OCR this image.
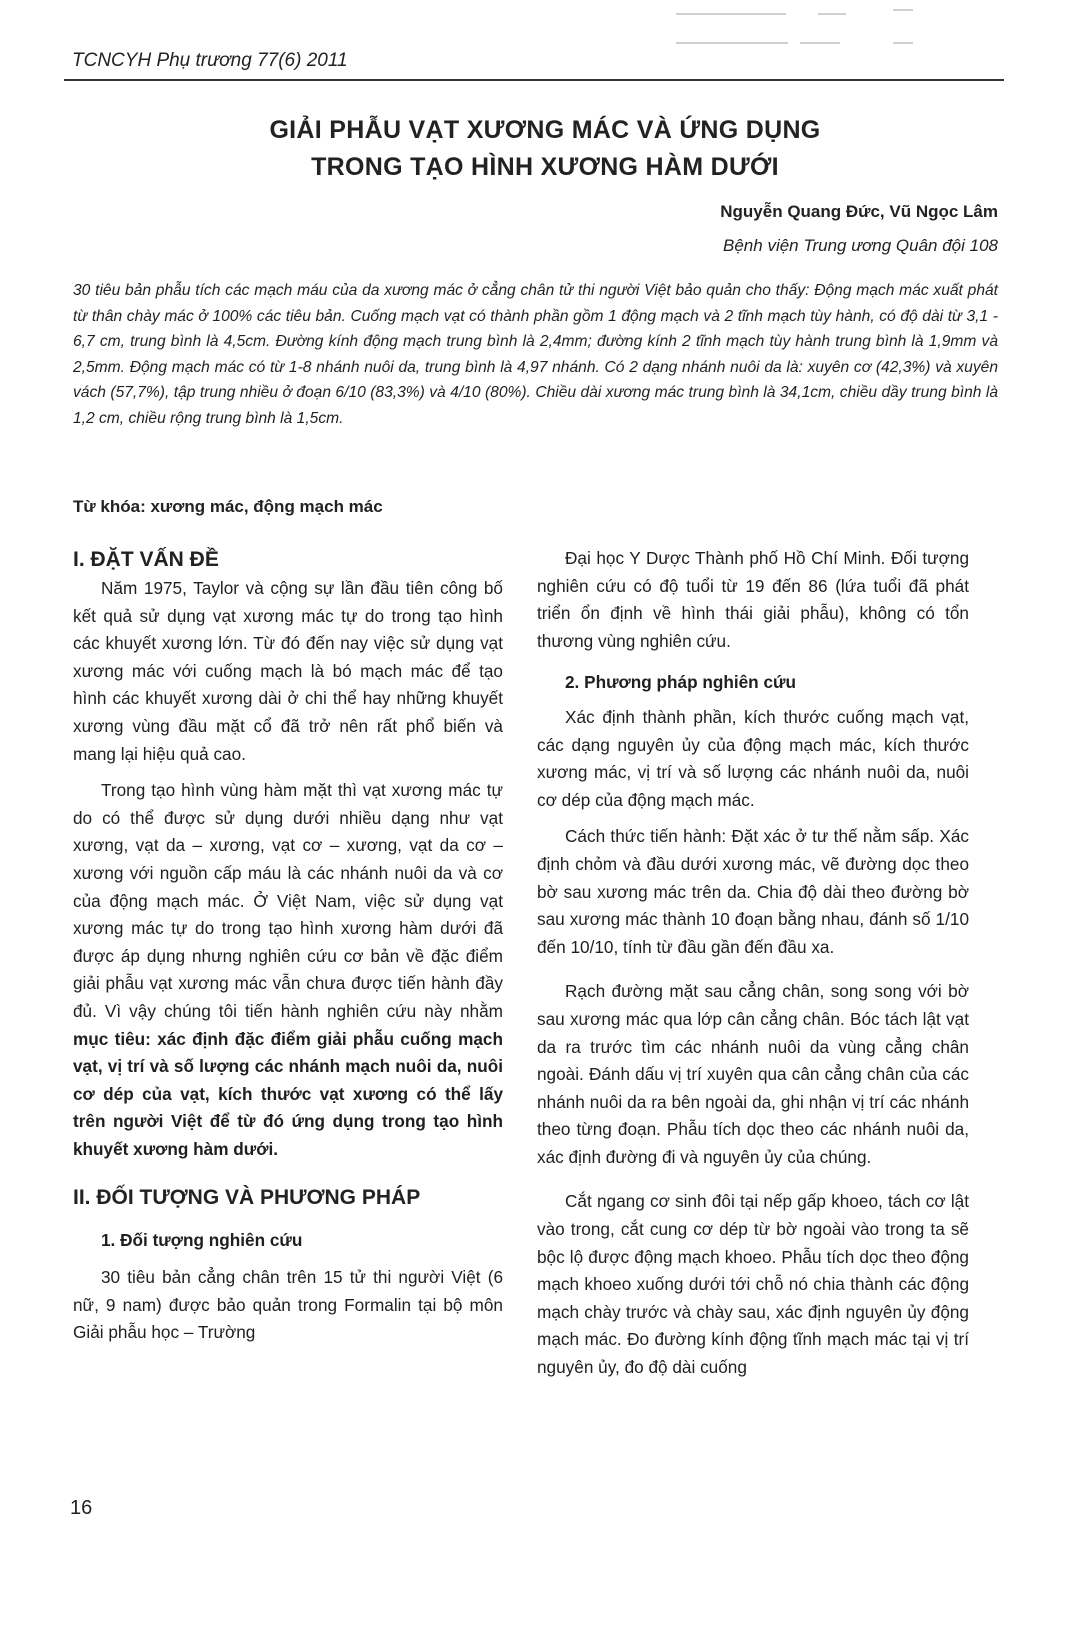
TCNCYH Phụ trương 77(6) 2011
GIẢI PHẪU VẠT XƯƠNG MÁC VÀ ỨNG DỤNG
TRONG TẠO HÌNH XƯƠNG HÀM DƯỚI
Nguyễn Quang Đức, Vũ Ngọc Lâm
Bệnh viện Trung ương Quân đội 108
30 tiêu bản phẫu tích các mạch máu của da xương mác ở cẳng chân tử thi người Việt bảo quản cho thấy: Động mạch mác xuất phát từ thân chày mác ở 100% các tiêu bản. Cuống mạch vạt có thành phần gồm 1 động mạch và 2 tĩnh mạch tùy hành, có độ dài từ 3,1 - 6,7 cm, trung bình là 4,5cm. Đường kính động mạch trung bình là 2,4mm; đường kính 2 tĩnh mạch tùy hành trung bình là 1,9mm và 2,5mm. Động mạch mác có từ 1-8 nhánh nuôi da, trung bình là 4,97 nhánh. Có 2 dạng nhánh nuôi da là: xuyên cơ (42,3%) và xuyên vách (57,7%), tập trung nhiều ở đoạn 6/10 (83,3%) và 4/10 (80%). Chiều dài xương mác trung bình là 34,1cm, chiều dầy trung bình là 1,2 cm, chiều rộng trung bình là 1,5cm.
Từ khóa: xương mác, động mạch mác
I. ĐẶT VẤN ĐỀ

Năm 1975, Taylor và cộng sự lần đầu tiên công bố kết quả sử dụng vạt xương mác tự do trong tạo hình các khuyết xương lớn. Từ đó đến nay việc sử dụng vạt xương mác với cuống mạch là bó mạch mác để tạo hình các khuyết xương dài ở chi thể hay những khuyết xương vùng đầu mặt cổ đã trở nên rất phổ biến và mang lại hiệu quả cao.

Trong tạo hình vùng hàm mặt thì vạt xương mác tự do có thể được sử dụng dưới nhiều dạng như vạt xương, vạt da – xương, vạt cơ – xương, vạt da cơ – xương với nguồn cấp máu là các nhánh nuôi da và cơ của động mạch mác. Ở Việt Nam, việc sử dụng vạt xương mác tự do trong tạo hình xương hàm dưới đã được áp dụng nhưng nghiên cứu cơ bản về đặc điểm giải phẫu vạt xương mác vẫn chưa được tiến hành đầy đủ. Vì vậy chúng tôi tiến hành nghiên cứu này nhằm mục tiêu: xác định đặc điểm giải phẫu cuống mạch vạt, vị trí và số lượng các nhánh mạch nuôi da, nuôi cơ dép của vạt, kích thước vạt xương có thể lấy trên người Việt để từ đó ứng dụng trong tạo hình khuyết xương hàm dưới.

II. ĐỐI TƯỢNG VÀ PHƯƠNG PHÁP
1. Đối tượng nghiên cứu

30 tiêu bản cẳng chân trên 15 tử thi người Việt (6 nữ, 9 nam) được bảo quản trong Formalin tại bộ môn Giải phẫu học – Trường

Đại học Y Dược Thành phố Hồ Chí Minh. Đối tượng nghiên cứu có độ tuổi từ 19 đến 86 (lứa tuổi đã phát triển ổn định về hình thái giải phẫu), không có tổn thương vùng nghiên cứu.

2. Phương pháp nghiên cứu

Xác định thành phần, kích thước cuống mạch vạt, các dạng nguyên ủy của động mạch mác, kích thước xương mác, vị trí và số lượng các nhánh nuôi da, nuôi cơ dép của động mạch mác.

Cách thức tiến hành: Đặt xác ở tư thế nằm sấp. Xác định chỏm và đầu dưới xương mác, vẽ đường dọc theo bờ sau xương mác trên da. Chia độ dài theo đường bờ sau xương mác thành 10 đoạn bằng nhau, đánh số 1/10 đến 10/10, tính từ đầu gần đến đầu xa.

Rạch đường mặt sau cẳng chân, song song với bờ sau xương mác qua lớp cân cẳng chân. Bóc tách lật vạt da ra trước tìm các nhánh nuôi da vùng cẳng chân ngoài. Đánh dấu vị trí xuyên qua cân cẳng chân của các nhánh nuôi da ra bên ngoài da, ghi nhận vị trí các nhánh theo từng đoạn. Phẫu tích dọc theo các nhánh nuôi da, xác định đường đi và nguyên ủy của chúng.

Cắt ngang cơ sinh đôi tại nếp gấp khoeo, tách cơ lật vào trong, cắt cung cơ dép từ bờ ngoài vào trong ta sẽ bộc lộ được động mạch khoeo. Phẫu tích dọc theo động mạch khoeo xuống dưới tới chỗ nó chia thành các động mạch chày trước và chày sau, xác định nguyên ủy động mạch mác. Đo đường kính động tĩnh mạch mác tại vị trí nguyên ủy, đo độ dài cuống

16
